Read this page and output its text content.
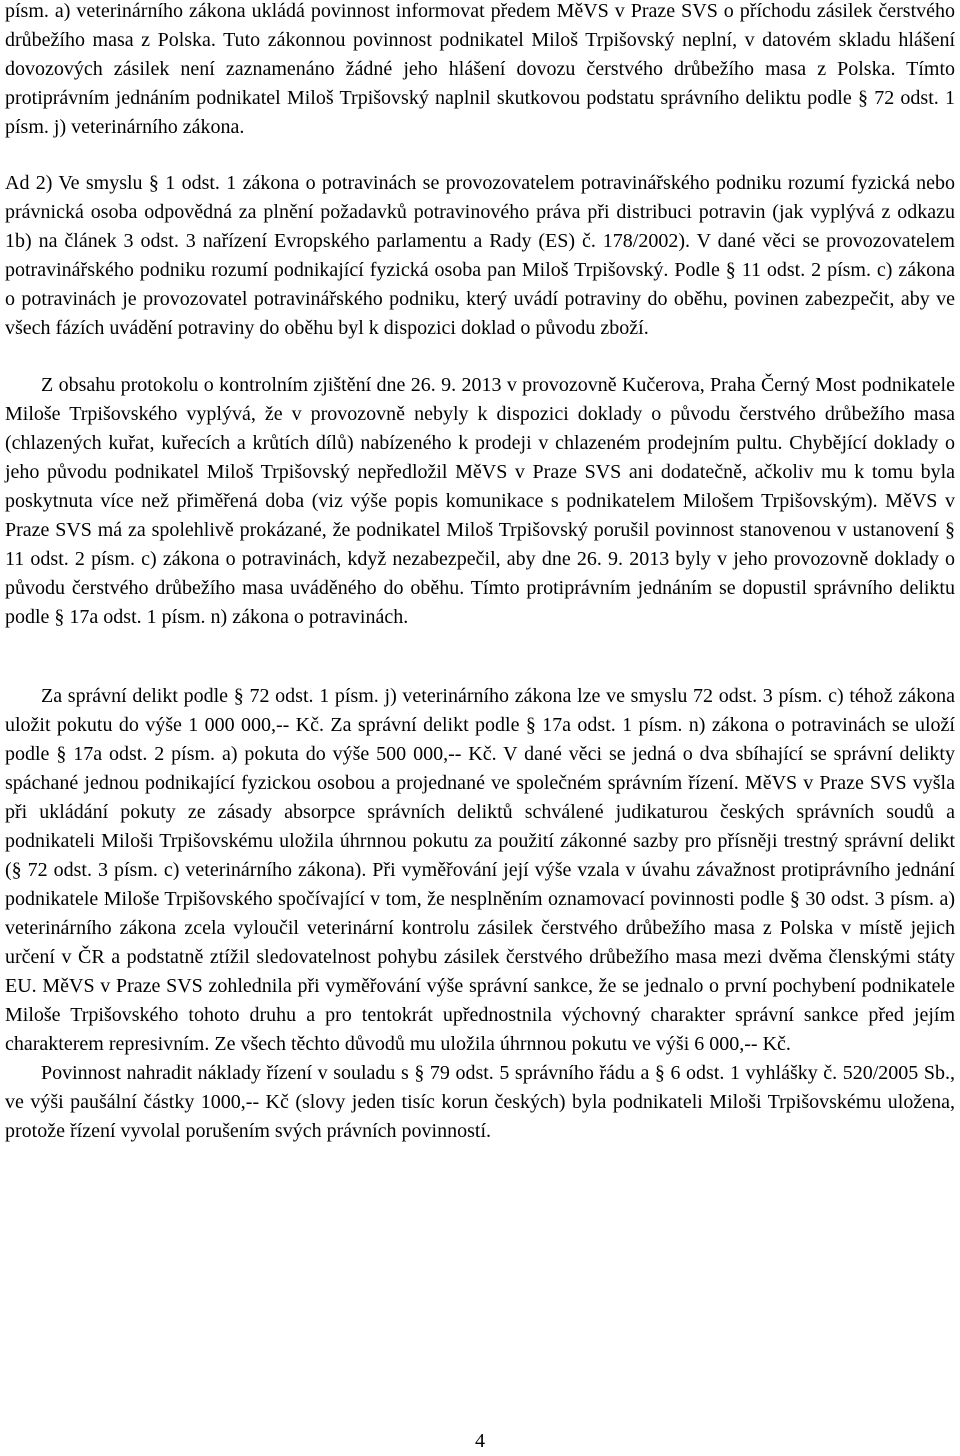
písm. a) veterinárního zákona ukládá povinnost informovat předem MěVS v Praze SVS o příchodu zásilek čerstvého drůbežího masa z Polska. Tuto zákonnou povinnost podnikatel Miloš Trpišovský neplní, v datovém skladu hlášení dovozových zásilek není zaznamenáno žádné jeho hlášení dovozu čerstvého drůbežího masa z Polska. Tímto protiprávním jednáním podnikatel Miloš Trpišovský naplnil skutkovou podstatu správního deliktu podle § 72 odst. 1 písm. j) veterinárního zákona.

Ad 2) Ve smyslu § 1 odst. 1 zákona o potravinách se provozovatelem potravinářského podniku rozumí fyzická nebo právnická osoba odpovědná za plnění požadavků potravinového práva při distribuci potravin (jak vyplývá z odkazu 1b) na článek 3 odst. 3 nařízení Evropského parlamentu a Rady (ES) č. 178/2002). V dané věci se provozovatelem potravinářského podniku rozumí podnikající fyzická osoba pan Miloš Trpišovský. Podle § 11 odst. 2 písm. c) zákona o potravinách je provozovatel potravinářského podniku, který uvádí potraviny do oběhu, povinen zabezpečit, aby ve všech fázích uvádění potraviny do oběhu byl k dispozici doklad o původu zboží.

Z obsahu protokolu o kontrolním zjištění dne 26. 9. 2013 v provozovně Kučerova, Praha Černý Most podnikatele Miloše Trpišovského vyplývá, že v provozovně nebyly k dispozici doklady o původu čerstvého drůbežího masa (chlazených kuřat, kuřecích a krůtích dílů) nabízeného k prodeji v chlazeném prodejním pultu. Chybějící doklady o jeho původu podnikatel Miloš Trpišovský nepředložil MěVS v Praze SVS ani dodatečně, ačkoliv mu k tomu byla poskytnuta více než přiměřená doba (viz výše popis komunikace s podnikatelem Milošem Trpišovským). MěVS v Praze SVS má za spolehlivě prokázané, že podnikatel Miloš Trpišovský porušil povinnost stanovenou v ustanovení § 11 odst. 2 písm. c) zákona o potravinách, když nezabezpečil, aby dne 26. 9. 2013 byly v jeho provozovně doklady o původu čerstvého drůbežího masa uváděného do oběhu. Tímto protiprávním jednáním se dopustil správního deliktu podle § 17a odst. 1 písm. n) zákona o potravinách.

Za správní delikt podle § 72 odst. 1 písm. j) veterinárního zákona lze ve smyslu 72 odst. 3 písm. c) téhož zákona uložit pokutu do výše 1 000 000,-- Kč. Za správní delikt podle § 17a odst. 1 písm. n) zákona o potravinách se uloží podle § 17a odst. 2 písm. a) pokuta do výše 500 000,-- Kč. V dané věci se jedná o dva sbíhající se správní delikty spáchané jednou podnikající fyzickou osobou a projednané ve společném správním řízení. MěVS v Praze SVS vyšla při ukládání pokuty ze zásady absorpce správních deliktů schválené judikaturou českých správních soudů a podnikateli Miloši Trpišovskému uložila úhrnnou pokutu za použití zákonné sazby pro přísněji trestný správní delikt (§ 72 odst. 3 písm. c) veterinárního zákona). Při vyměřování její výše vzala v úvahu závažnost protiprávního jednání podnikatele Miloše Trpišovského spočívající v tom, že nesplněním oznamovací povinnosti podle § 30 odst. 3 písm. a) veterinárního zákona zcela vyloučil veterinární kontrolu zásilek čerstvého drůbežího masa z Polska v místě jejich určení v ČR a podstatně ztížil sledovatelnost pohybu zásilek čerstvého drůbežího masa mezi dvěma členskými státy EU. MěVS v Praze SVS zohlednila při vyměřování výše správní sankce, že se jednalo o první pochybení podnikatele Miloše Trpišovského tohoto druhu a pro tentokrát upřednostnila výchovný charakter správní sankce před jejím charakterem represivním. Ze všech těchto důvodů mu uložila úhrnnou pokutu ve výši 6 000,-- Kč.

Povinnost nahradit náklady řízení v souladu s § 79 odst. 5 správního řádu a § 6 odst. 1 vyhlášky č. 520/2005 Sb., ve výši paušální částky 1000,-- Kč (slovy jeden tisíc korun českých) byla podnikateli Miloši Trpišovskému uložena, protože řízení vyvolal porušením svých právních povinností.

4
